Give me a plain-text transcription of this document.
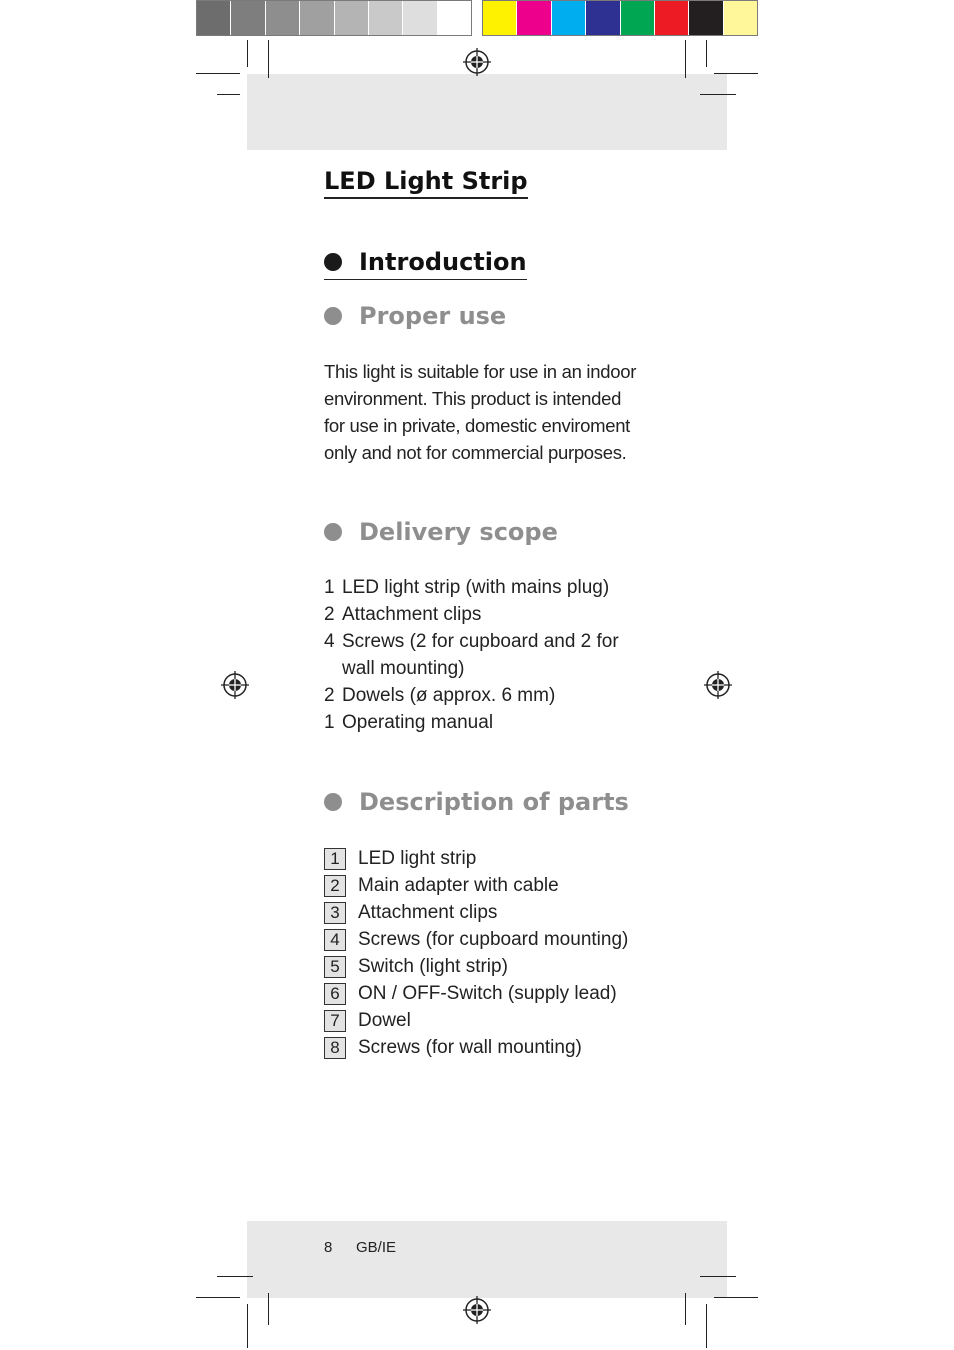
LED Light Strip
Introduction
Proper use
This light is suitable for use in an indoor
environment. This product is intended
for use in private, domestic enviroment
only and not for commercial purposes.
Delivery scope
1 LED light strip (with mains plug)
2 Attachment clips
4 Screws (2 for cupboard and 2 for
wall mounting)
2 Dowels (ø approx. 6 mm)
1 Operating manual
Description of parts
1 LED light strip
2 Main adapter with cable
3 Attachment clips
4 Screws (for cupboard mounting)
5 Switch (light strip)
6 ON / OFF-Switch (supply lead)
7 Dowel
8 Screws (for wall mounting)
8	GB/IE
